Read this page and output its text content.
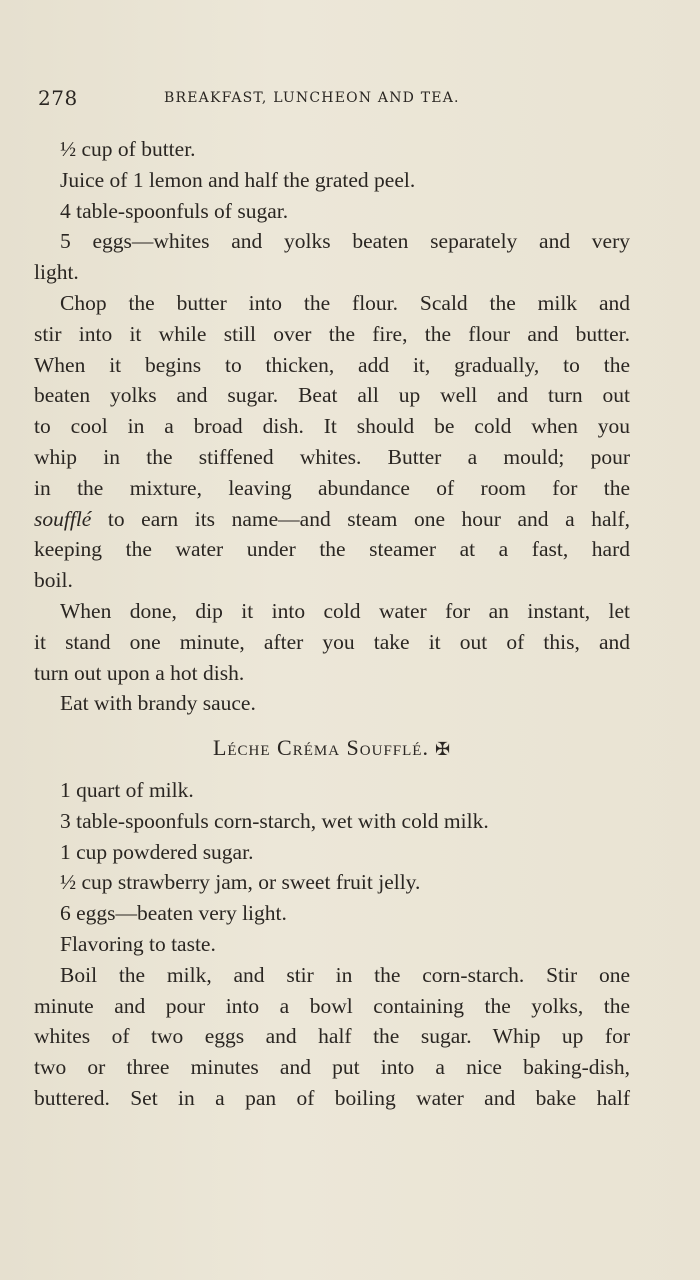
278	BREAKFAST, LUNCHEON AND TEA.
½ cup of butter.
Juice of 1 lemon and half the grated peel.
4 table-spoonfuls of sugar.
5 eggs—whites and yolks beaten separately and very
light.
Chop the butter into the flour. Scald the milk and
stir into it while still over the fire, the flour and butter.
When it begins to thicken, add it, gradually, to the
beaten yolks and sugar. Beat all up well and turn out
to cool in a broad dish. It should be cold when you
whip in the stiffened whites. Butter a mould; pour
in the mixture, leaving abundance of room for the
soufflé to earn its name—and steam one hour and a half,
keeping the water under the steamer at a fast, hard
boil.
When done, dip it into cold water for an instant, let
it stand one minute, after you take it out of this, and
turn out upon a hot dish.
Eat with brandy sauce.
Léche Créma Soufflé. ✠
1 quart of milk.
3 table-spoonfuls corn-starch, wet with cold milk.
1 cup powdered sugar.
½ cup strawberry jam, or sweet fruit jelly.
6 eggs—beaten very light.
Flavoring to taste.
Boil the milk, and stir in the corn-starch. Stir one
minute and pour into a bowl containing the yolks, the
whites of two eggs and half the sugar. Whip up for
two or three minutes and put into a nice baking-dish,
buttered. Set in a pan of boiling water and bake half
